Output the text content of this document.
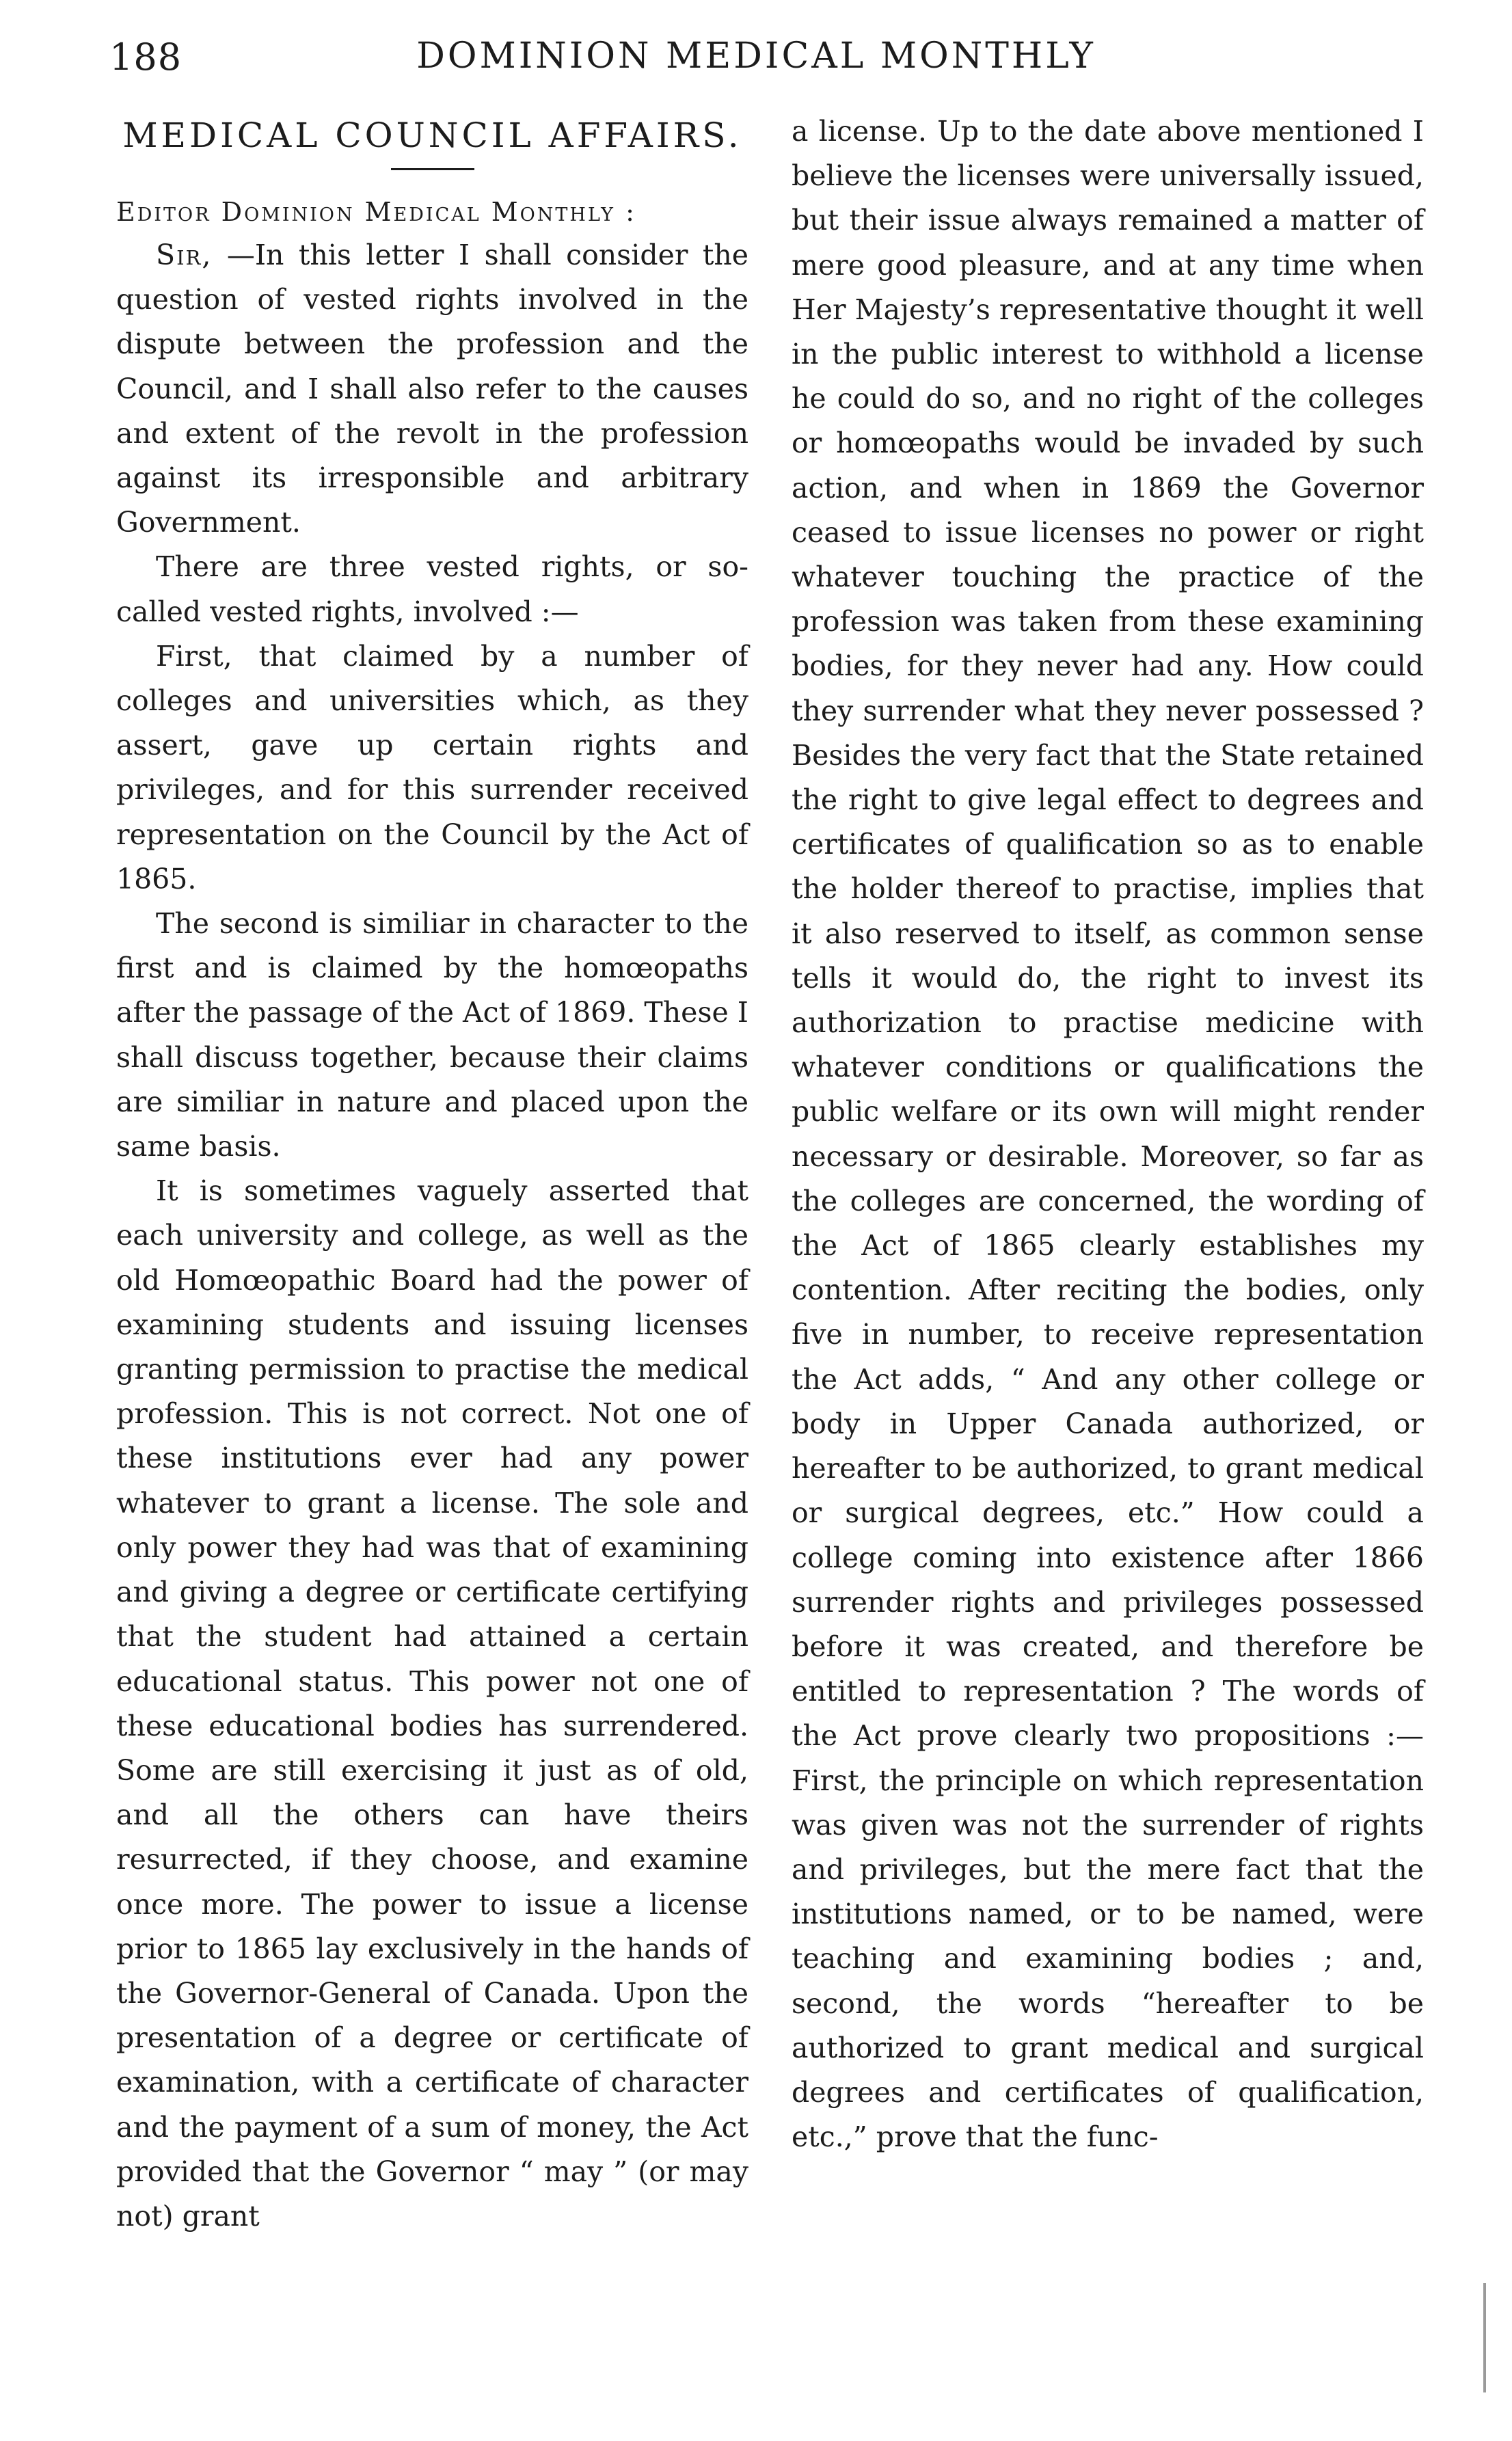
188	DOMINION MEDICAL MONTHLY
MEDICAL COUNCIL AFFAIRS.

Editor Dominion Medical Monthly :

Sir, —In this letter I shall consider the question of vested rights involved in the dispute between the profession and the Council, and I shall also refer to the causes and extent of the revolt in the profession against its irresponsible and arbitrary Government.

There are three vested rights, or so-called vested rights, involved :—

First, that claimed by a number of colleges and universities which, as they assert, gave up certain rights and privileges, and for this surrender received representation on the Council by the Act of 1865.

The second is similiar in character to the first and is claimed by the homœopaths after the passage of the Act of 1869. These I shall discuss together, because their claims are similiar in nature and placed upon the same basis.

It is sometimes vaguely asserted that each university and college, as well as the old Homœopathic Board had the power of examining students and issuing licenses granting permission to practise the medical profession. This is not correct. Not one of these institutions ever had any power whatever to grant a license. The sole and only power they had was that of examining and giving a degree or certificate certifying that the student had attained a certain educational status. This power not one of these educational bodies has surrendered. Some are still exercising it just as of old, and all the others can have theirs resurrected, if they choose, and examine once more. The power to issue a license prior to 1865 lay exclusively in the hands of the Governor-General of Canada. Upon the presentation of a degree or certificate of examination, with a certificate of character and the payment of a sum of money, the Act provided that the Governor “ may ” (or may not) grant

a license. Up to the date above mentioned I believe the licenses were universally issued, but their issue always remained a matter of mere good pleasure, and at any time when Her Majesty’s representative thought it well in the public interest to withhold a license he could do so, and no right of the colleges or homœopaths would be invaded by such action, and when in 1869 the Governor ceased to issue licenses no power or right whatever touching the practice of the profession was taken from these examining bodies, for they never had any. How could they surrender what they never possessed ? Besides the very fact that the State retained the right to give legal effect to degrees and certificates of qualification so as to enable the holder thereof to practise, implies that it also reserved to itself, as common sense tells it would do, the right to invest its authorization to practise medicine with whatever conditions or qualifications the public welfare or its own will might render necessary or desirable. Moreover, so far as the colleges are concerned, the wording of the Act of 1865 clearly establishes my contention. After reciting the bodies, only five in number, to receive representation the Act adds, “ And any other college or body in Upper Canada authorized, or hereafter to be authorized, to grant medical or surgical degrees, etc.” How could a college coming into existence after 1866 surrender rights and privileges possessed before it was created, and therefore be entitled to representation ? The words of the Act prove clearly two propositions :—First, the principle on which representation was given was not the surrender of rights and privileges, but the mere fact that the institutions named, or to be named, were teaching and examining bodies ; and, second, the words “hereafter to be authorized to grant medical and surgical degrees and certificates of qualification, etc.,” prove that the func-
